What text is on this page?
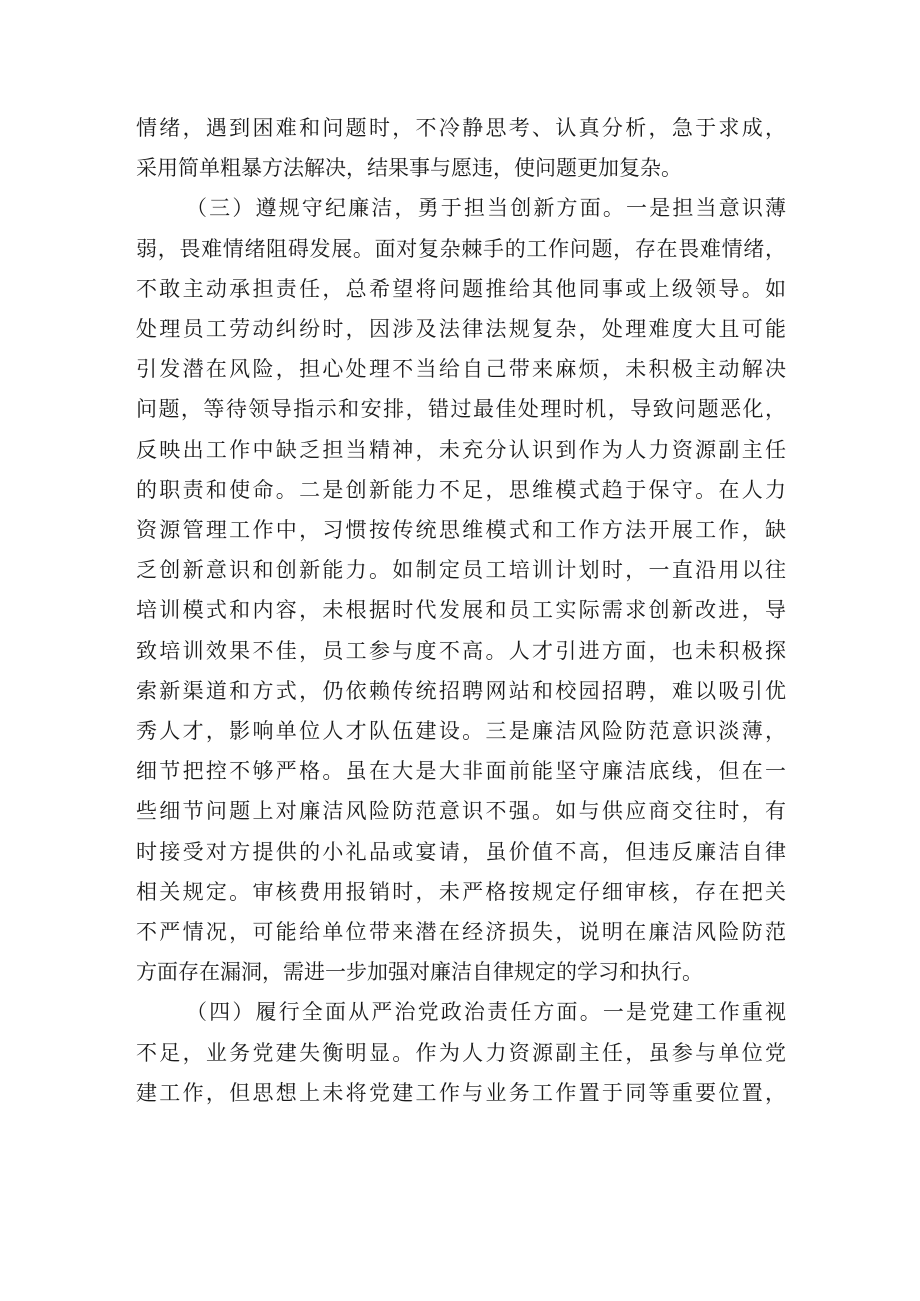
情绪，遇到困难和问题时，不冷静思考、认真分析，急于求成，
采用简单粗暴方法解决，结果事与愿违，使问题更加复杂。

（三）遵规守纪廉洁，勇于担当创新方面。一是担当意识薄
弱，畏难情绪阻碍发展。面对复杂棘手的工作问题，存在畏难情绪，
不敢主动承担责任，总希望将问题推给其他同事或上级领导。如
处理员工劳动纠纷时，因涉及法律法规复杂，处理难度大且可能
引发潜在风险，担心处理不当给自己带来麻烦，未积极主动解决
问题，等待领导指示和安排，错过最佳处理时机，导致问题恶化，
反映出工作中缺乏担当精神，未充分认识到作为人力资源副主任
的职责和使命。二是创新能力不足，思维模式趋于保守。在人力
资源管理工作中，习惯按传统思维模式和工作方法开展工作，缺
乏创新意识和创新能力。如制定员工培训计划时，一直沿用以往
培训模式和内容，未根据时代发展和员工实际需求创新改进，导
致培训效果不佳，员工参与度不高。人才引进方面，也未积极探
索新渠道和方式，仍依赖传统招聘网站和校园招聘，难以吸引优
秀人才，影响单位人才队伍建设。三是廉洁风险防范意识淡薄，
细节把控不够严格。虽在大是大非面前能坚守廉洁底线，但在一
些细节问题上对廉洁风险防范意识不强。如与供应商交往时，有
时接受对方提供的小礼品或宴请，虽价值不高，但违反廉洁自律
相关规定。审核费用报销时，未严格按规定仔细审核，存在把关
不严情况，可能给单位带来潜在经济损失，说明在廉洁风险防范
方面存在漏洞，需进一步加强对廉洁自律规定的学习和执行。

（四）履行全面从严治党政治责任方面。一是党建工作重视
不足，业务党建失衡明显。作为人力资源副主任，虽参与单位党
建工作，但思想上未将党建工作与业务工作置于同等重要位置，
